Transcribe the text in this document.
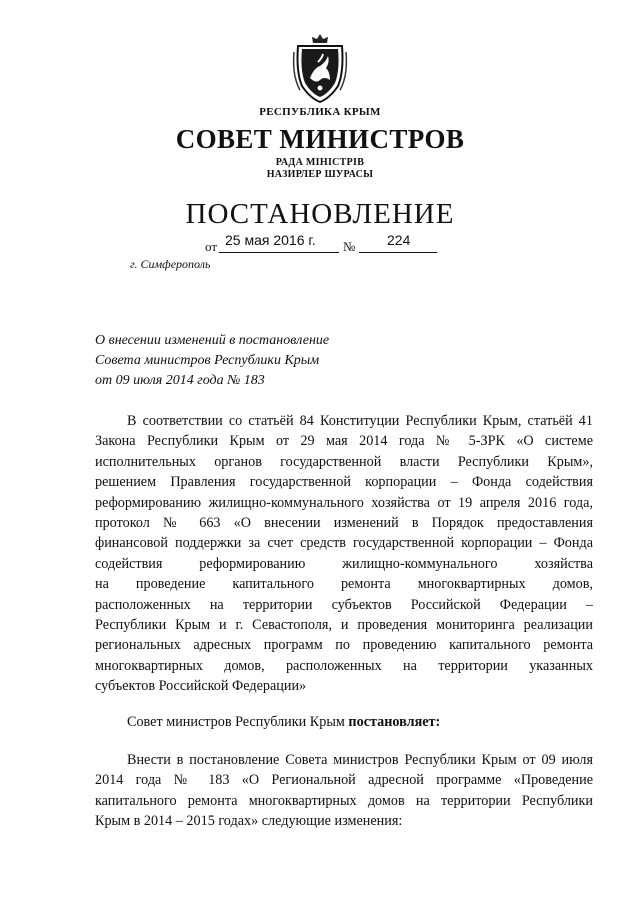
РЕСПУБЛИКА КРЫМ
СОВЕТ МИНИСТРОВ
РАДА МІНІСТРІВ
НАЗИРЛЕР ШУРАСЫ
ПОСТАНОВЛЕНИЕ
от 25 мая 2016 г. № 224
г. Симферополь
О внесении изменений в постановление
Совета министров Республики Крым
от 09 июля 2014 года № 183
В соответствии со статьёй 84 Конституции Республики Крым, статьёй 41
Закона Республики Крым от 29 мая 2014 года № 5-ЗРК «О системе
исполнительных органов государственной власти Республики Крым»,
решением Правления государственной корпорации – Фонда содействия
реформированию жилищно-коммунального хозяйства от 19 апреля 2016 года,
протокол № 663 «О внесении изменений в Порядок предоставления
финансовой поддержки за счет средств государственной корпорации – Фонда
содействия реформированию жилищно-коммунального хозяйства
на проведение капитального ремонта многоквартирных домов,
расположенных на территории субъектов Российской Федерации –
Республики Крым и г. Севастополя, и проведения мониторинга реализации
региональных адресных программ по проведению капитального ремонта
многоквартирных домов, расположенных на территории указанных
субъектов Российской Федерации»
Совет министров Республики Крым постановляет:
Внести в постановление Совета министров Республики Крым от 09 июля
2014 года № 183 «О Региональной адресной программе «Проведение
капитального ремонта многоквартирных домов на территории Республики
Крым в 2014 – 2015 годах» следующие изменения:
